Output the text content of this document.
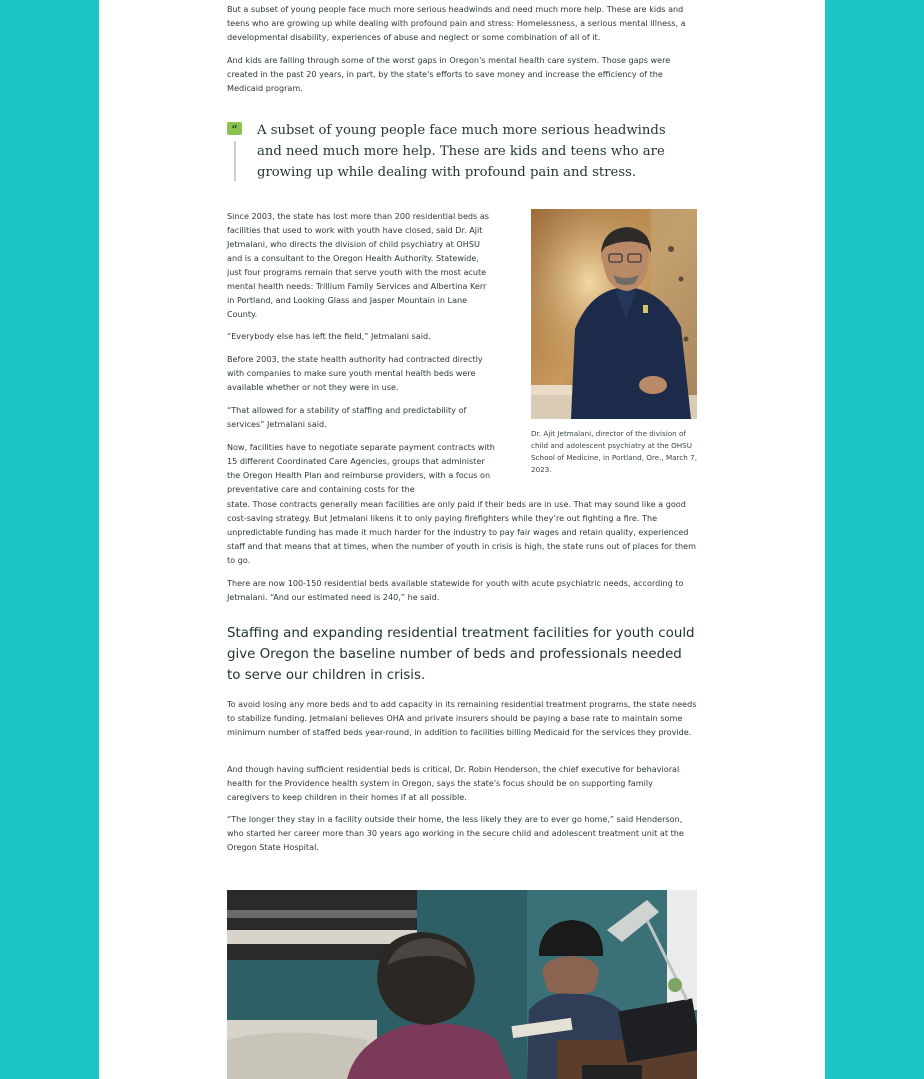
But a subset of young people face much more serious headwinds and need much more help. These are kids and teens who are growing up while dealing with profound pain and stress: Homelessness, a serious mental illness, a developmental disability, experiences of abuse and neglect or some combination of all of it.

And kids are falling through some of the worst gaps in Oregon's mental health care system. Those gaps were created in the past 20 years, in part, by the state's efforts to save money and increase the efficiency of the Medicaid program.

“	A subset of young people face much more serious headwinds and need much more help. These are kids and teens who are growing up while dealing with profound pain and stress.

Since 2003, the state has lost more than 200 residential beds as facilities that used to work with youth have closed, said Dr. Ajit Jetmalani, who directs the division of child psychiatry at OHSU and is a consultant to the Oregon Health Authority. Statewide, just four programs remain that serve youth with the most acute mental health needs: Trillium Family Services and Albertina Kerr in Portland, and Looking Glass and Jasper Mountain in Lane County.

“Everybody else has left the field,” Jetmalani said.

Before 2003, the state health authority had contracted directly with companies to make sure youth mental health beds were available whether or not they were in use.

“That allowed for a stability of staffing and predictability of services” Jetmalani said.

Now, facilities have to negotiate separate payment contracts with 15 different Coordinated Care Agencies, groups that administer the Oregon Health Plan and reimburse providers, with a focus on preventative care and containing costs for the

state. Those contracts generally mean facilities are only paid if their beds are in use. That may sound like a good cost-saving strategy. But Jetmalani likens it to only paying firefighters while they’re out fighting a fire. The unpredictable funding has made it much harder for the industry to pay fair wages and retain quality, experienced staff and that means that at times, when the number of youth in crisis is high, the state runs out of places for them to go.

There are now 100-150 residential beds available statewide for youth with acute psychiatric needs, according to Jetmalani. “And our estimated need is 240,” he said.

Dr. Ajit Jetmalani, director of the division of child and adolescent psychiatry at the OHSU School of Medicine, in Portland, Ore., March 7, 2023.

Staffing and expanding residential treatment facilities for youth could give Oregon the baseline number of beds and professionals needed to serve our children in crisis.

To avoid losing any more beds and to add capacity in its remaining residential treatment programs, the state needs to stabilize funding. Jetmalani believes OHA and private insurers should be paying a base rate to maintain some minimum number of staffed beds year-round, in addition to facilities billing Medicaid for the services they provide.

And though having sufficient residential beds is critical, Dr. Robin Henderson, the chief executive for behavioral health for the Providence health system in Oregon, says the state's focus should be on supporting family caregivers to keep children in their homes if at all possible.

“The longer they stay in a facility outside their home, the less likely they are to ever go home,” said Henderson, who started her career more than 30 years ago working in the secure child and adolescent treatment unit at the Oregon State Hospital.
